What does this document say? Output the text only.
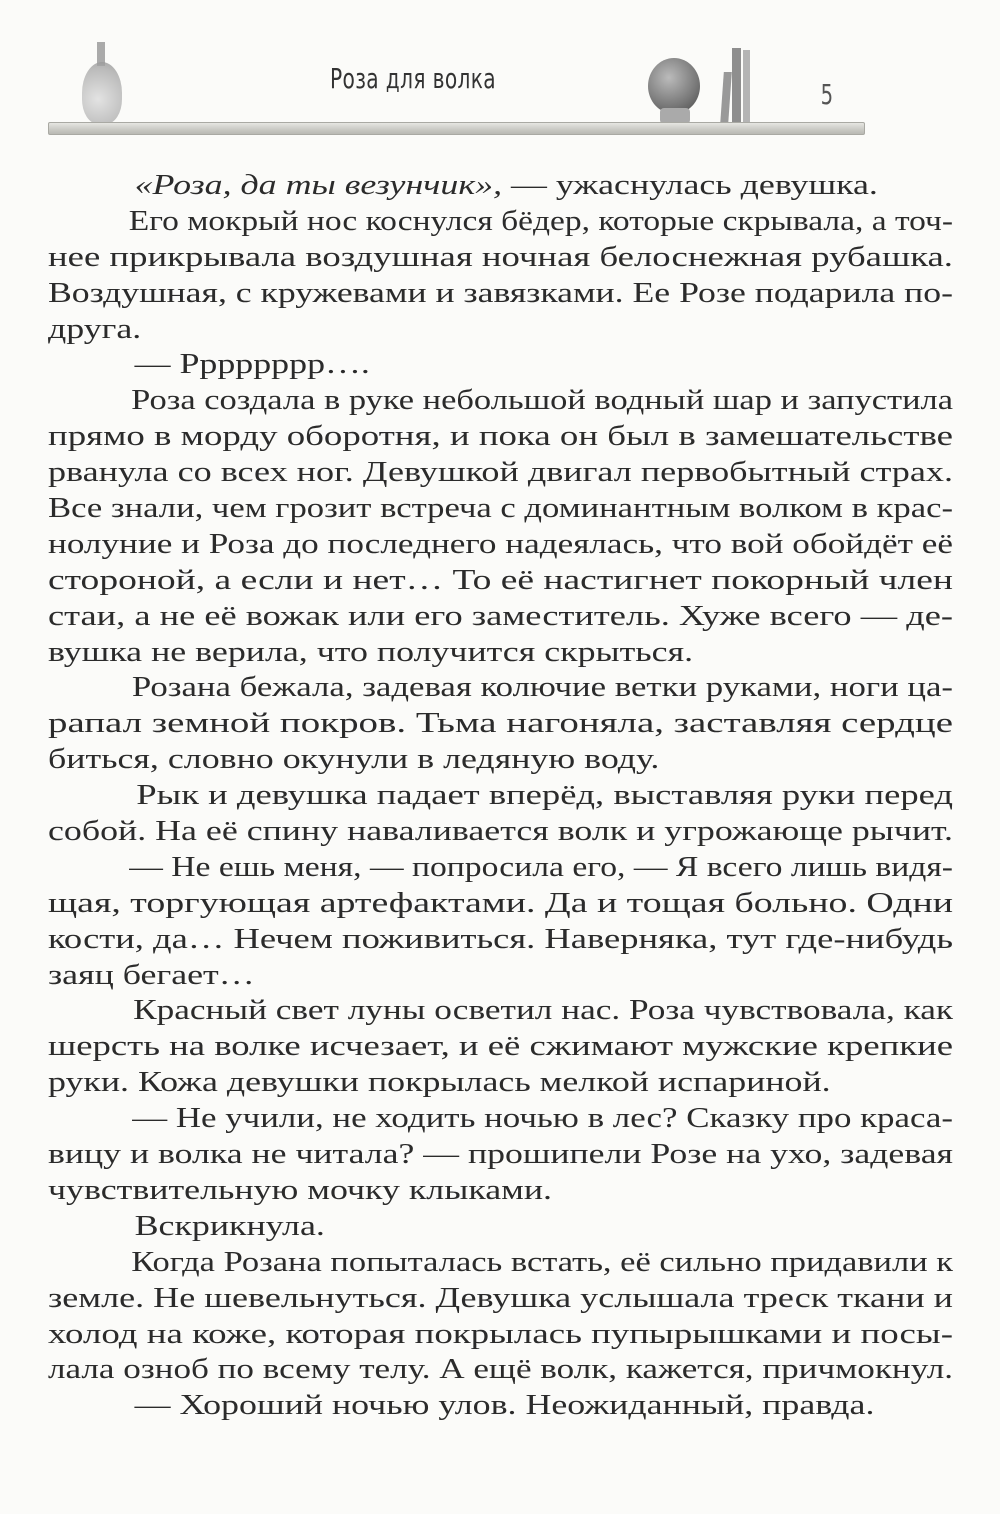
Роза для волка	5
«Роза, да ты везунчик», — ужаснулась девушка.
Его мокрый нос коснулся бёдер, которые скрывала, а точ-
нее прикрывала воздушная ночная белоснежная рубашка.
Воздушная, с кружевами и завязками. Ее Розе подарила по-
друга.
— Рррррррр….
Роза создала в руке небольшой водный шар и запустила
прямо в морду оборотня, и пока он был в замешательстве
рванула со всех ног. Девушкой двигал первобытный страх.
Все знали, чем грозит встреча с доминантным волком в крас-
нолуние и Роза до последнего надеялась, что вой обойдёт её
стороной, а если и нет… То её настигнет покорный член
стаи, а не её вожак или его заместитель. Хуже всего — де-
вушка не верила, что получится скрыться.
Розана бежала, задевая колючие ветки руками, ноги ца-
рапал земной покров. Тьма нагоняла, заставляя сердце
биться, словно окунули в ледяную воду.
Рык и девушка падает вперёд, выставляя руки перед
собой. На её спину наваливается волк и угрожающе рычит.
— Не ешь меня, — попросила его, — Я всего лишь видя-
щая, торгующая артефактами. Да и тощая больно. Одни
кости, да… Нечем поживиться. Наверняка, тут где-нибудь
заяц бегает…
Красный свет луны осветил нас. Роза чувствовала, как
шерсть на волке исчезает, и её сжимают мужские крепкие
руки. Кожа девушки покрылась мелкой испариной.
— Не учили, не ходить ночью в лес? Сказку про краса-
вицу и волка не читала? — прошипели Розе на ухо, задевая
чувствительную мочку клыками.
Вскрикнула.
Когда Розана попыталась встать, её сильно придавили к
земле. Не шевельнуться. Девушка услышала треск ткани и
холод на коже, которая покрылась пупырышками и посы-
лала озноб по всему телу. А ещё волк, кажется, причмокнул.
— Хороший ночью улов. Неожиданный, правда.
